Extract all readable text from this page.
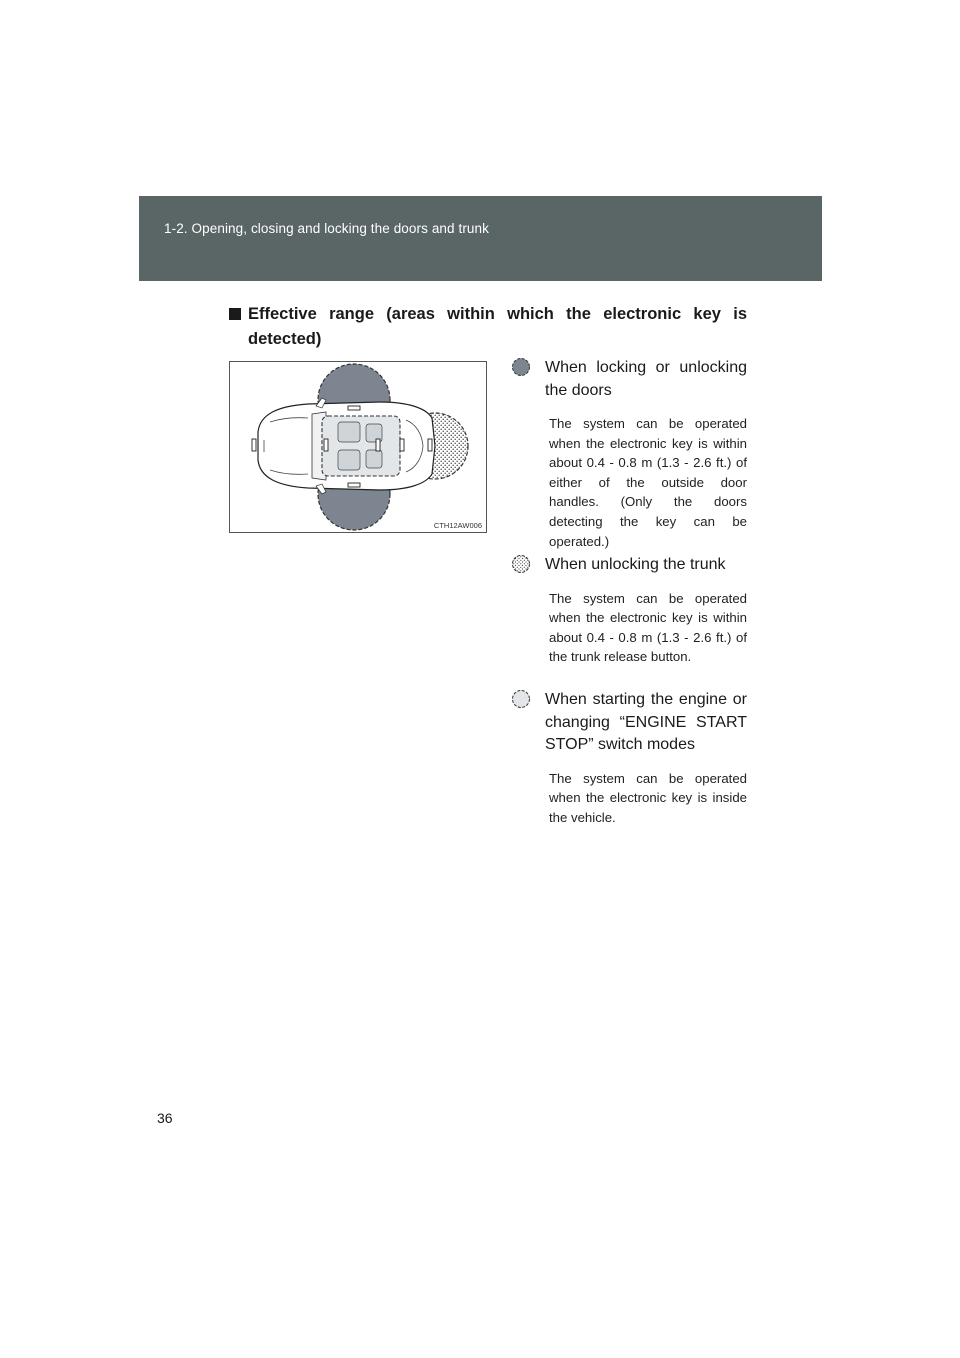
1-2. Opening, closing and locking the doors and trunk
Effective range (areas within which the electronic key is detected)
CTH12AW006
When locking or unlocking the doors
The system can be operated when the electronic key is within about 0.4 - 0.8 m (1.3 - 2.6 ft.) of either of the outside door handles. (Only the doors detecting the key can be operated.)
When unlocking the trunk
The system can be operated when the electronic key is within about 0.4 - 0.8 m (1.3 - 2.6 ft.) of the trunk release button.
When starting the engine or changing “ENGINE START STOP” switch modes
The system can be operated when the electronic key is inside the vehicle.
36
